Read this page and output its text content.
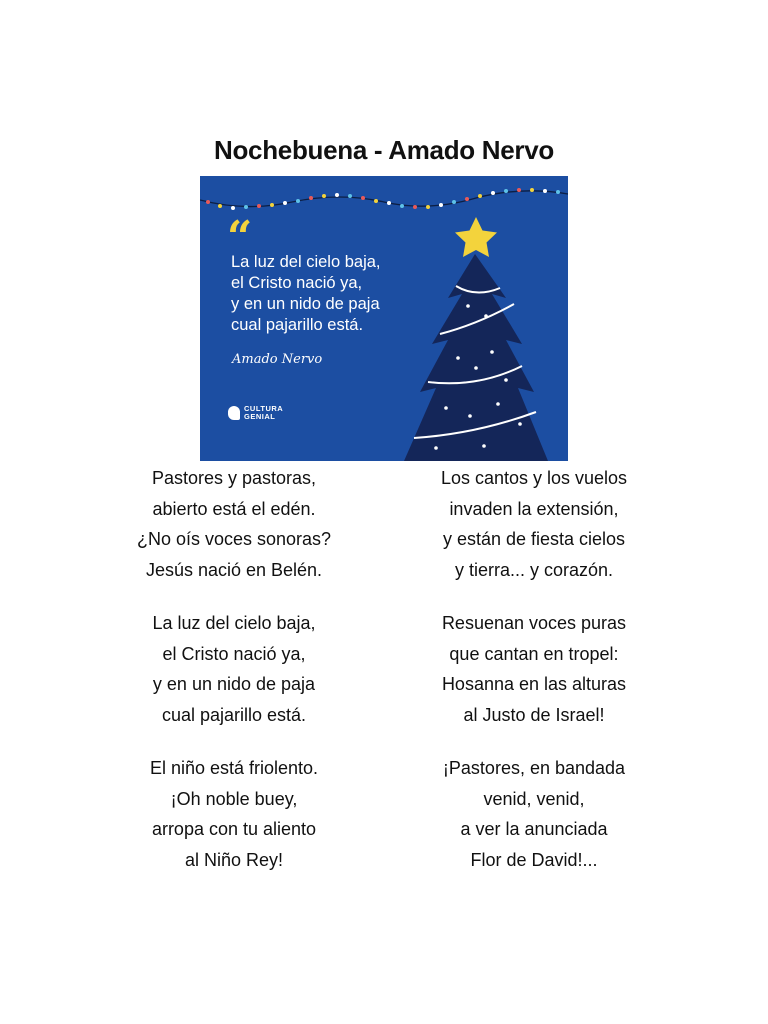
Nochebuena - Amado Nervo
“
La luz del cielo baja,
el Cristo nació ya,
y en un nido de paja
cual pajarillo está.
Amado Nervo
CULTURA
GENIAL
Pastores y pastoras,
abierto está el edén.
¿No oís voces sonoras?
Jesús nació en Belén.
La luz del cielo baja,
el Cristo nació ya,
y en un nido de paja
cual pajarillo está.
El niño está friolento.
¡Oh noble buey,
arropa con tu aliento
al Niño Rey!
Los cantos y los vuelos
invaden la extensión,
y están de fiesta cielos
y tierra... y corazón.
Resuenan voces puras
que cantan en tropel:
Hosanna en las alturas
al Justo de Israel!
¡Pastores, en bandada
venid, venid,
a ver la anunciada
Flor de David!...
